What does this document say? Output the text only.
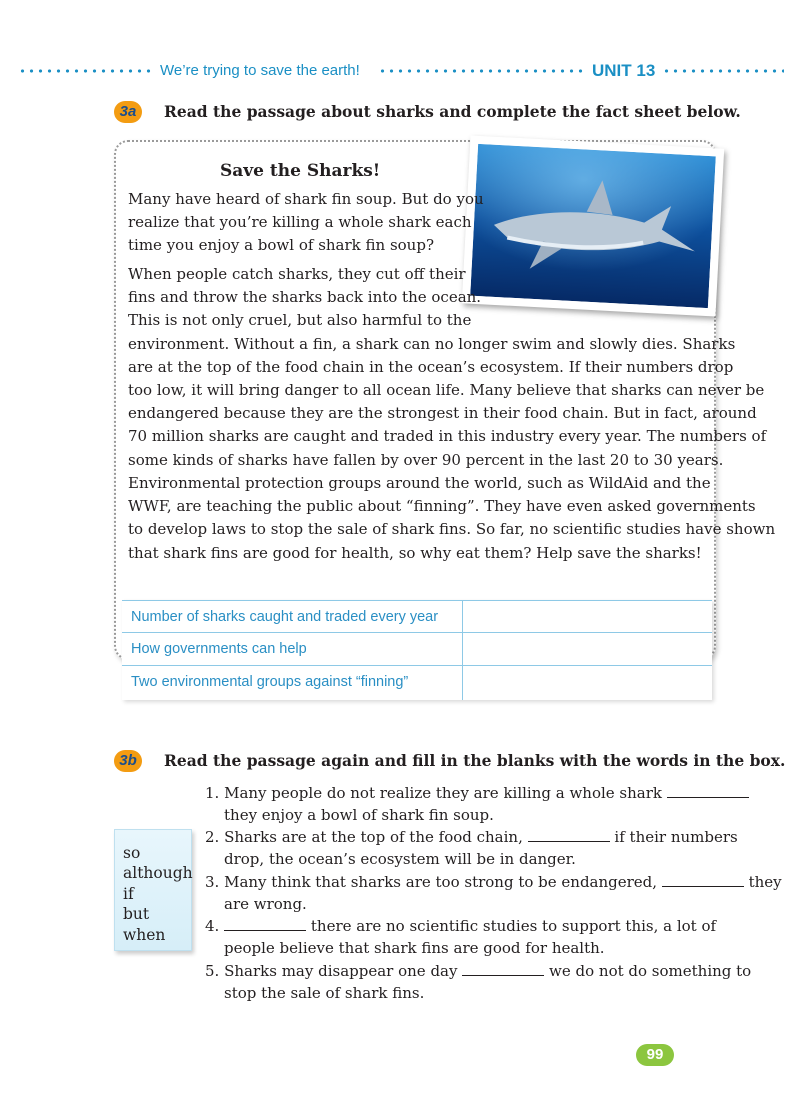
We’re trying to save the earth!	UNIT 13
3a	Read the passage about sharks and complete the fact sheet below.
Save the Sharks!
Many have heard of shark fin soup. But do you
realize that you’re killing a whole shark each
time you enjoy a bowl of shark fin soup?
When people catch sharks, they cut off their
fins and throw the sharks back into the ocean.
This is not only cruel, but also harmful to the
environment. Without a fin, a shark can no longer swim and slowly dies. Sharks
are at the top of the food chain in the ocean’s ecosystem. If their numbers drop
too low, it will bring danger to all ocean life. Many believe that sharks can never be
endangered because they are the strongest in their food chain. But in fact, around
70 million sharks are caught and traded in this industry every year. The numbers of
some kinds of sharks have fallen by over 90 percent in the last 20 to 30 years.
Environmental protection groups around the world, such as WildAid and the
WWF, are teaching the public about “finning”. They have even asked governments
to develop laws to stop the sale of shark fins. So far, no scientific studies have shown
that shark fins are good for health, so why eat them? Help save the sharks!
Number of sharks caught and traded every year
How governments can help
Two environmental groups against “finning”
3b	Read the passage again and fill in the blanks with the words in the box.
so
although
if
but
when
1. Many people do not realize they are killing a whole shark
they enjoy a bowl of shark fin soup.
2. Sharks are at the top of the food chain,	if their numbers
drop, the ocean’s ecosystem will be in danger.
3. Many think that sharks are too strong to be endangered,	they
are wrong.
4.	there are no scientific studies to support this, a lot of
people believe that shark fins are good for health.
5. Sharks may disappear one day	we do not do something to
stop the sale of shark fins.
99
